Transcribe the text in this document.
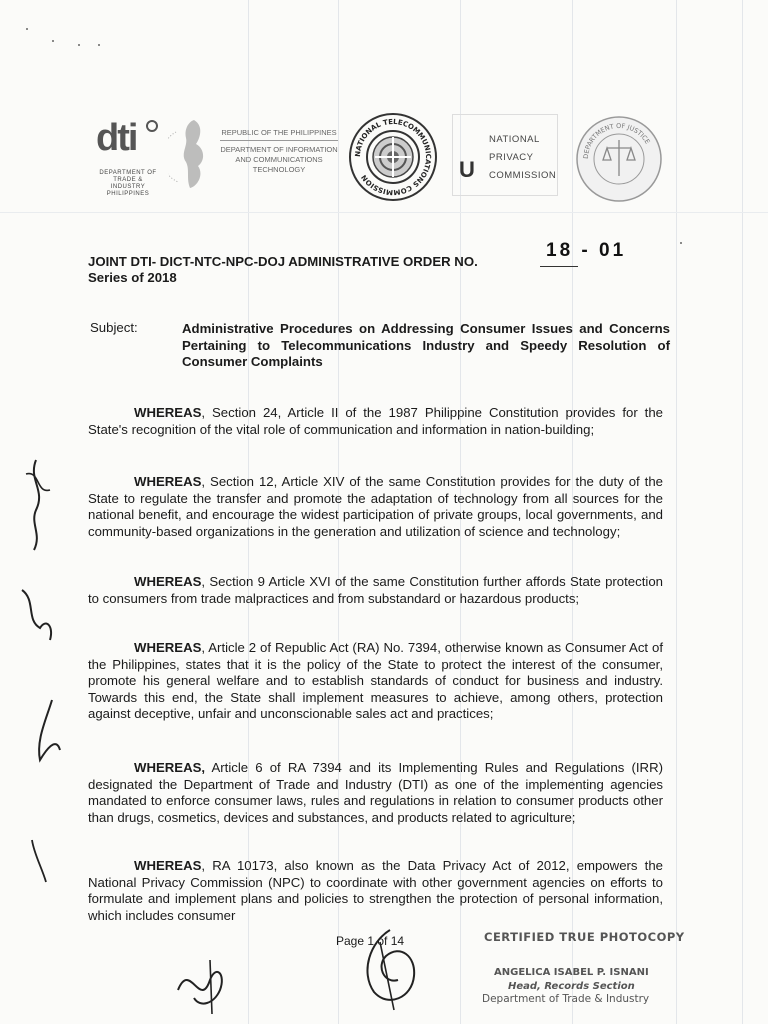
dti
DEPARTMENT OF TRADE & INDUSTRY PHILIPPINES
REPUBLIC OF THE PHILIPPINES
DEPARTMENT OF INFORMATION AND COMMUNICATIONS TECHNOLOGY
NATIONAL TELECOMMUNICATIONS COMMISSION	U
NATIONAL
PRIVACY
COMMISSION
DEPARTMENT OF JUSTICE
JOINT DTI- DICT-NTC-NPC-DOJ ADMINISTRATIVE ORDER NO.
18 - 01
Series of 2018
Subject:	Administrative Procedures on Addressing Consumer Issues and Concerns Pertaining to Telecommunications Industry and Speedy Resolution of Consumer Complaints
WHEREAS, Section 24, Article II of the 1987 Philippine Constitution provides for the State's recognition of the vital role of communication and information in nation-building;
WHEREAS, Section 12, Article XIV of the same Constitution provides for the duty of the State to regulate the transfer and promote the adaptation of technology from all sources for the national benefit, and encourage the widest participation of private groups, local governments, and community-based organizations in the generation and utilization of science and technology;
WHEREAS, Section 9 Article XVI of the same Constitution further affords State protection to consumers from trade malpractices and from substandard or hazardous products;
WHEREAS, Article 2 of Republic Act (RA) No. 7394, otherwise known as Consumer Act of the Philippines, states that it is the policy of the State to protect the interest of the consumer, promote his general welfare and to establish standards of conduct for business and industry. Towards this end, the State shall implement measures to achieve, among others, protection against deceptive, unfair and unconscionable sales act and practices;
WHEREAS, Article 6 of RA 7394 and its Implementing Rules and Regulations (IRR) designated the Department of Trade and Industry (DTI) as one of the implementing agencies mandated to enforce consumer laws, rules and regulations in relation to consumer products other than drugs, cosmetics, devices and substances, and products related to agriculture;
WHEREAS, RA 10173, also known as the Data Privacy Act of 2012, empowers the National Privacy Commission (NPC) to coordinate with other government agencies on efforts to formulate and implement plans and policies to strengthen the protection of personal information, which includes consumer
Page 1 of 14	CERTIFIED TRUE PHOTOCOPY
ANGELICA ISABEL P. ISNANI
Head, Records Section
Department of Trade & Industry
